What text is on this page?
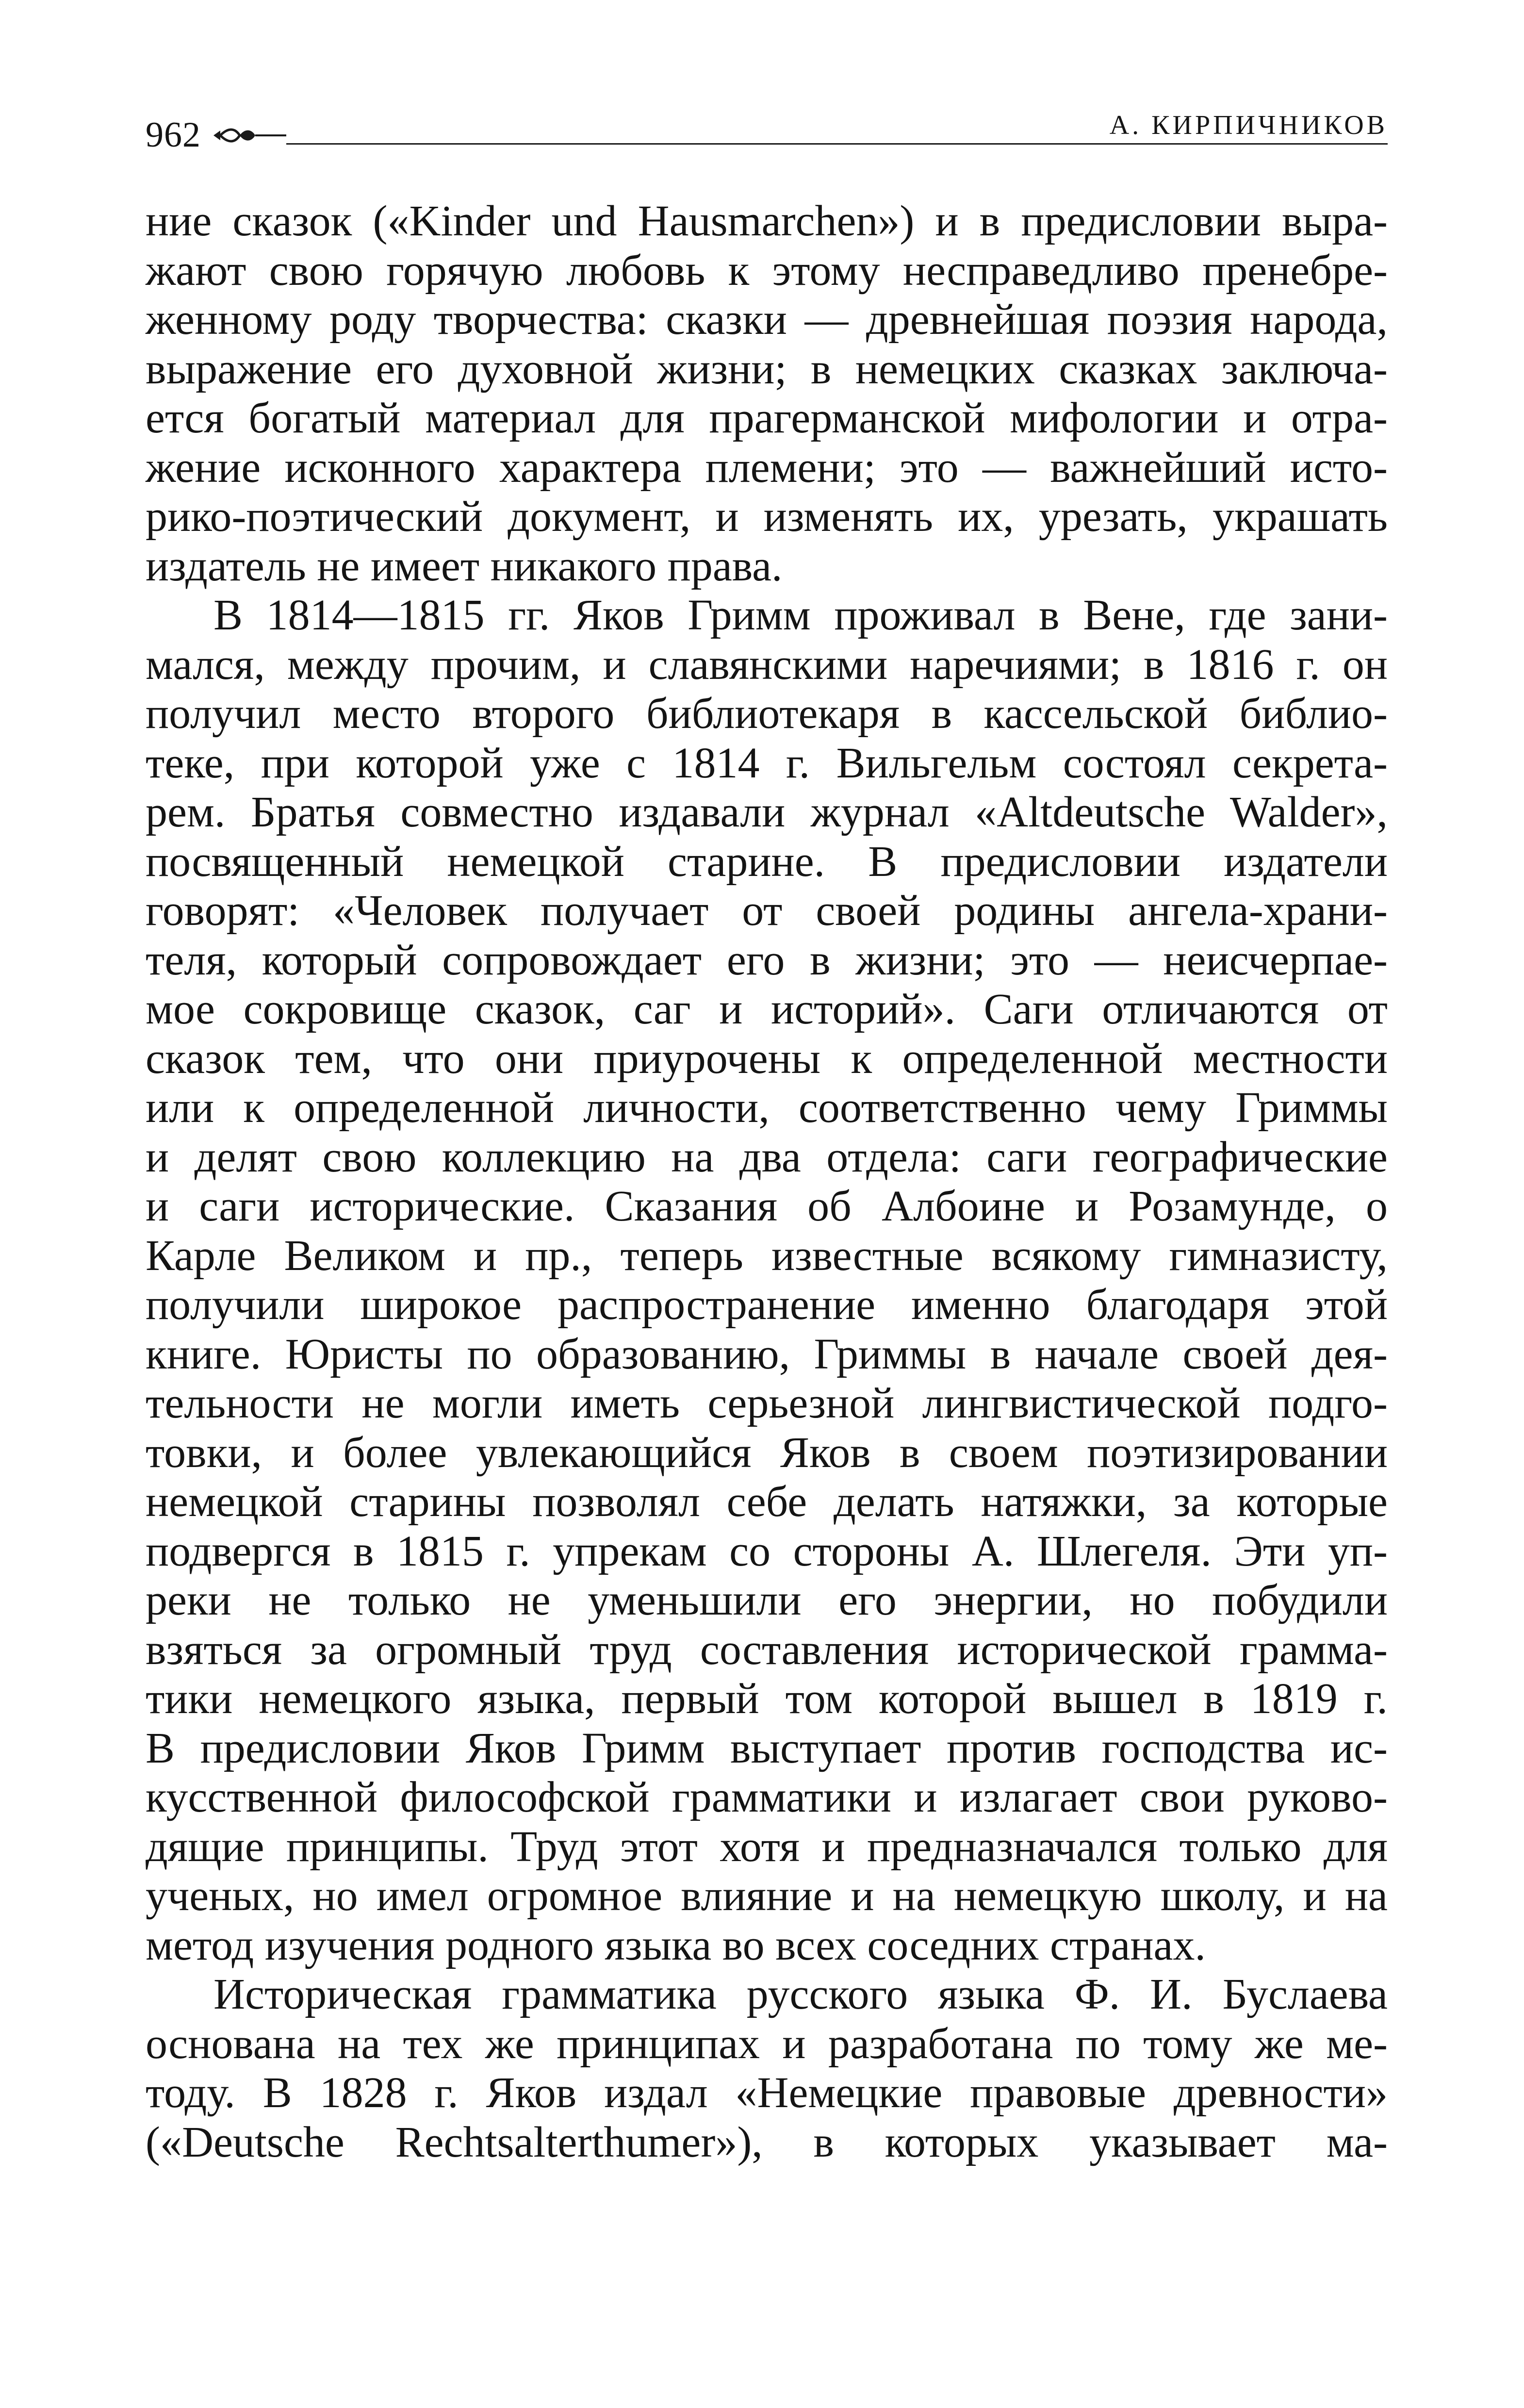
962	А. КИРПИЧНИКОВ

ние сказок («Kinder und Hausmarchen») и в предисловии выра-
жают свою горячую любовь к этому несправедливо пренебре-
женному роду творчества: сказки — древнейшая поэзия народа,
выражение его духовной жизни; в немецких сказках заключа-
ется богатый материал для прагерманской мифологии и отра-
жение исконного характера племени; это — важнейший исто-
рико-поэтический документ, и изменять их, урезать, украшать
издатель не имеет никакого права.

В 1814—1815 гг. Яков Гримм проживал в Вене, где зани-
мался, между прочим, и славянскими наречиями; в 1816 г. он
получил место второго библиотекаря в кассельской библио-
теке, при которой уже с 1814 г. Вильгельм состоял секрета-
рем. Братья совместно издавали журнал «Altdeutsche Walder»,
посвященный немецкой старине. В предисловии издатели
говорят: «Человек получает от своей родины ангела-храни-
теля, который сопровождает его в жизни; это — неисчерпае-
мое сокровище сказок, саг и историй». Саги отличаются от
сказок тем, что они приурочены к определенной местности
или к определенной личности, соответственно чему Гриммы
и делят свою коллекцию на два отдела: саги географические
и саги исторические. Сказания об Албоине и Розамунде, о
Карле Великом и пр., теперь известные всякому гимназисту,
получили широкое распространение именно благодаря этой
книге. Юристы по образованию, Гриммы в начале своей дея-
тельности не могли иметь серьезной лингвистической подго-
товки, и более увлекающийся Яков в своем поэтизировании
немецкой старины позволял себе делать натяжки, за которые
подвергся в 1815 г. упрекам со стороны А. Шлегеля. Эти уп-
реки не только не уменьшили его энергии, но побудили
взяться за огромный труд составления исторической грамма-
тики немецкого языка, первый том которой вышел в 1819 г.
В предисловии Яков Гримм выступает против господства ис-
кусственной философской грамматики и излагает свои руково-
дящие принципы. Труд этот хотя и предназначался только для
ученых, но имел огромное влияние и на немецкую школу, и на
метод изучения родного языка во всех соседних странах.

Историческая грамматика русского языка Ф. И. Буслаева
основана на тех же принципах и разработана по тому же ме-
тоду. В 1828 г. Яков издал «Немецкие правовые древности»
(«Deutsche Rechtsalterthumer»), в которых указывает ма-
